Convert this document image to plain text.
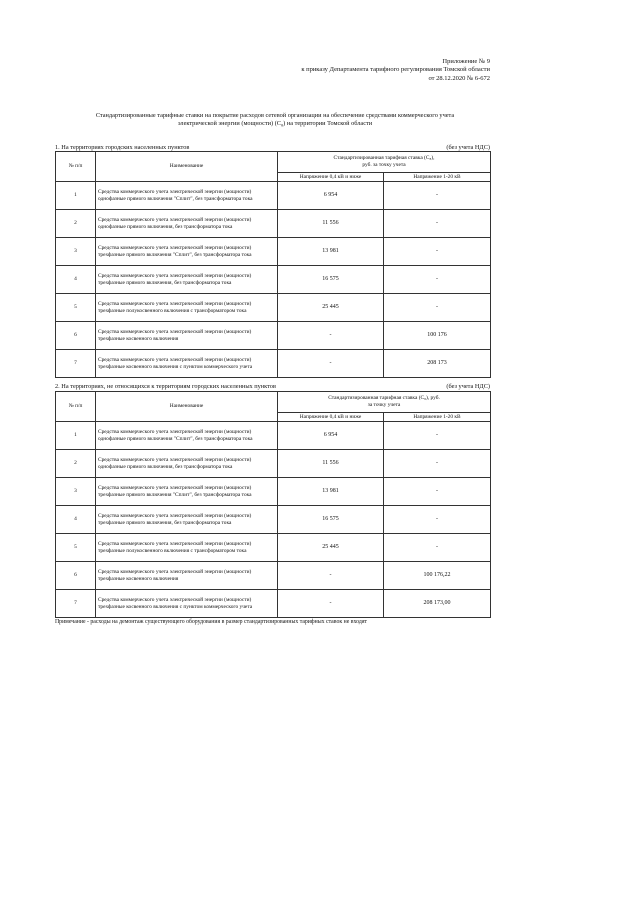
Приложение № 9
к приказу Департамента тарифного регулирования Томской области
от 28.12.2020 № 6-672
Стандартизированные тарифные ставки на покрытие расходов сетевой организации на обеспечение средствами коммерческого учета
электрической энергии (мощности) (С₈) на территории Томской области
1. На территориях городских населенных пунктов	(без учета НДС)
№ п/п	Наименование	Стандартизированная тарифная ставка (С₈),
руб. за точку учета	

		Напряжение 0,4 кВ и ниже	Напряжение 1-20 кВ
1	Средства коммерческого учета электрической энергии (мощности) однофазные прямого включения "Сплит", без трансформатора тока	6 954	-
2	Средства коммерческого учета электрической энергии (мощности) однофазные прямого включения, без трансформатора тока	11 556	-
3	Средства коммерческого учета электрической энергии (мощности) трехфазные прямого включения "Сплит", без трансформатора тока	13 981	-
4	Средства коммерческого учета электрической энергии (мощности) трехфазные прямого включения, без трансформатора тока	16 575	-
5	Средства коммерческого учета электрической энергии (мощности) трехфазные полукосвенного включения с трансформатором тока	25 445	-
6	Средства коммерческого учета электрической энергии (мощности) трехфазные косвенного включения	-	100 176
7	Средства коммерческого учета электрической энергии (мощности) трехфазные косвенного включения с пунктом коммерческого учета	-	208 173
2. На территориях, не относящихся к территориям городских населенных пунктов	(без учета НДС)
№ п/п	Наименование	Стандартизированная тарифная ставка (С₈), руб.
за точку учета	

		Напряжение 0,4 кВ и ниже	Напряжение 1-20 кВ
1	Средства коммерческого учета электрической энергии (мощности) однофазные прямого включения "Сплит", без трансформатора тока	6 954	-
2	Средства коммерческого учета электрической энергии (мощности) однофазные прямого включения, без трансформатора тока	11 556	-
3	Средства коммерческого учета электрической энергии (мощности) трехфазные прямого включения "Сплит", без трансформатора тока	13 981	-
4	Средства коммерческого учета электрической энергии (мощности) трехфазные прямого включения, без трансформатора тока	16 575	-
5	Средства коммерческого учета электрической энергии (мощности) трехфазные полукосвенного включения с трансформатором тока	25 445	-
6	Средства коммерческого учета электрической энергии (мощности) трехфазные косвенного включения	-	100 176,22
7	Средства коммерческого учета электрической энергии (мощности) трехфазные косвенного включения с пунктом коммерческого учета	-	208 173,00
Примечание - расходы на демонтаж существующего оборудования в размер стандартизированных тарифных ставок не входят
